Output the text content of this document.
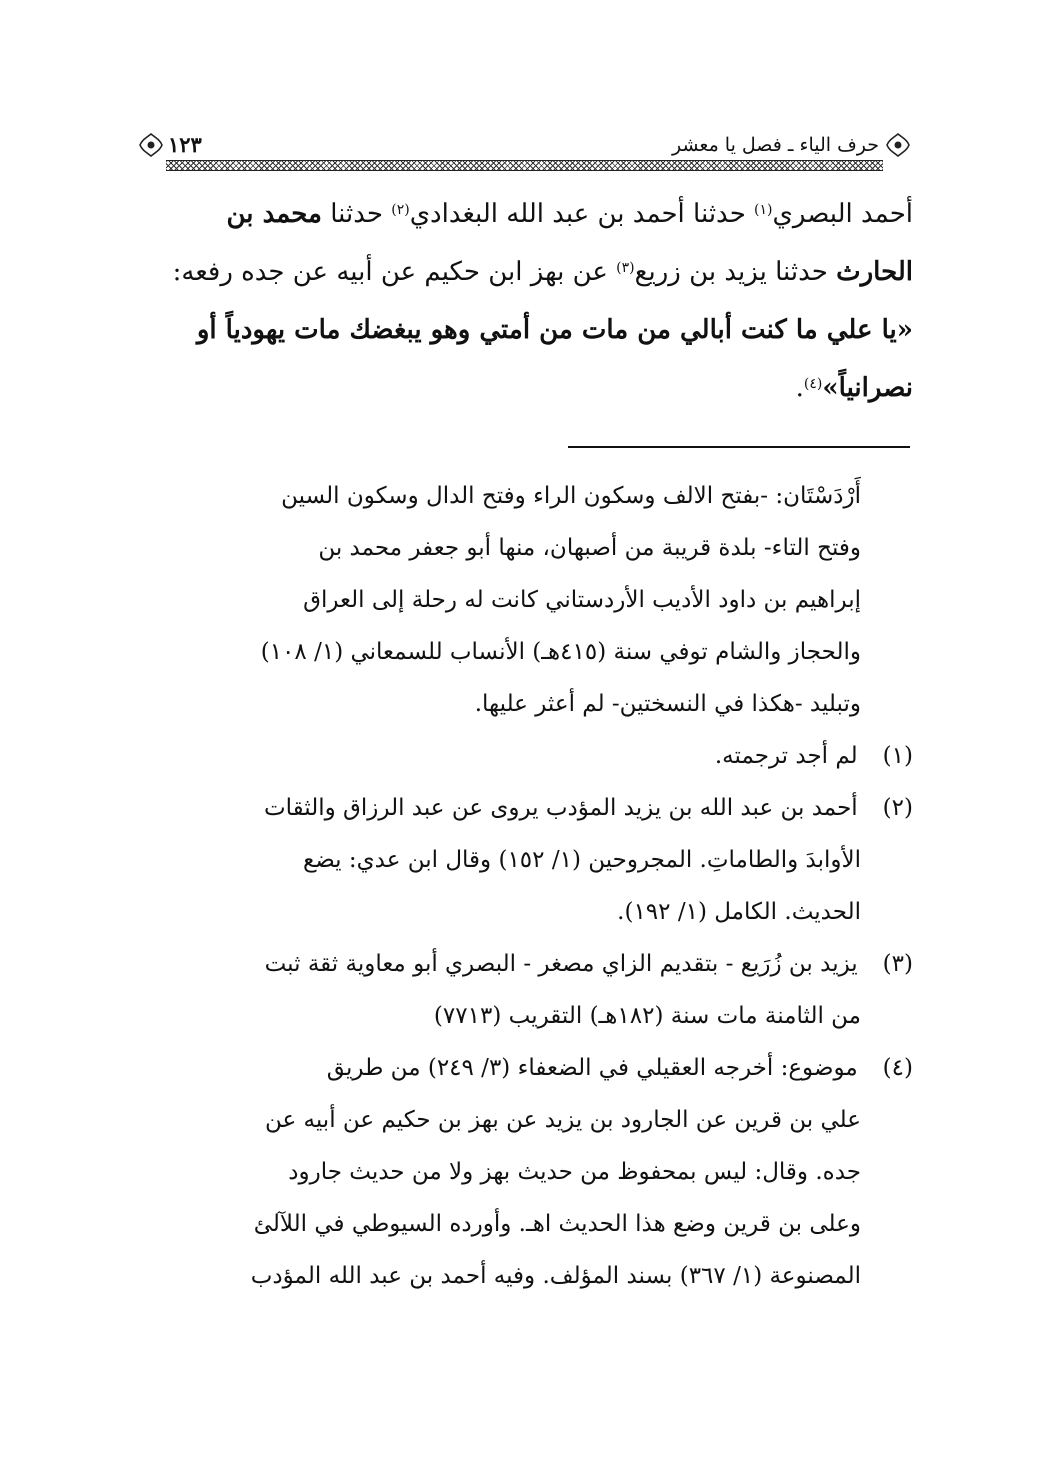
١٢٣	حرف الياء ـ فصل يا معشر
أحمد البصري$^{(١)}$ حدثنا أحمد بن عبد الله البغدادي$^{(٢)}$ حدثنا محمد بن
الحارث حدثنا يزيد بن زريع$^{(٣)}$ عن بهز ابن حكيم عن أبيه عن جده رفعه:
«يا علي ما كنت أبالي من مات من أمتي وهو يبغضك مات يهودياً أو
نصرانياً»$^{(٤)}$.
أَرْدَسْتَان: -بفتح الالف وسكون الراء وفتح الدال وسكون السين
وفتح التاء- بلدة قريبة من أصبهان، منها أبو جعفر محمد بن
إبراهيم بن داود الأديب الأردستاني كانت له رحلة إلى العراق
والحجاز والشام توفي سنة (٤١٥هـ) الأنساب للسمعاني (١/ ١٠٨)
وتبليد -هكذا في النسختين- لم أعثر عليها.
(١) لم أجد ترجمته.
(٢) أحمد بن عبد الله بن يزيد المؤدب يروى عن عبد الرزاق والثقات
الأوابدَ والطاماتِ. المجروحين (١/ ١٥٢) وقال ابن عدي: يضع
الحديث. الكامل (١/ ١٩٢).
(٣) يزيد بن زُرَيع - بتقديم الزاي مصغر - البصري أبو معاوية ثقة ثبت
من الثامنة مات سنة (١٨٢هـ) التقريب (٧٧١٣)
(٤) موضوع: أخرجه العقيلي في الضعفاء (٣/ ٢٤٩) من طريق
علي بن قرين عن الجارود بن يزيد عن بهز بن حكيم عن أبيه عن
جده. وقال: ليس بمحفوظ من حديث بهز ولا من حديث جارود
وعلى بن قرين وضع هذا الحديث اهـ. وأورده السيوطي في اللآلئ
المصنوعة (١/ ٣٦٧) بسند المؤلف. وفيه أحمد بن عبد الله المؤدب
